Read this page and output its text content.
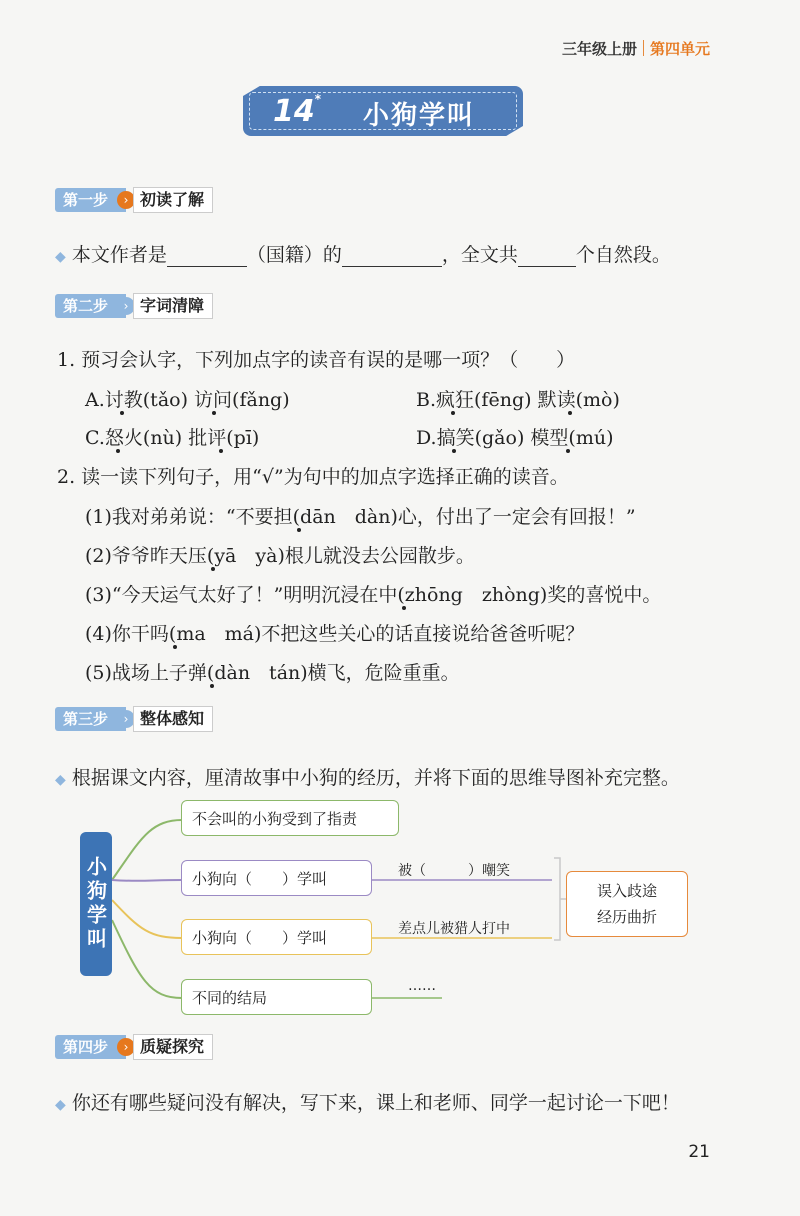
三年级上册 第四单元
14*
小狗学叫
第一步	› 初读了解
◆ 本文作者是	（国籍）的	，全文共	个自然段。
第二步	› 字词清障
1. 预习会认字，下列加点字的读音有误的是哪一项？（　　）
A.讨教(tǎo) 访问(fǎng)	B.疯狂(fēng) 默读(mò)
C.怒火(nù) 批评(pī)	D.搞笑(gǎo) 模型(mú)
2. 读一读下列句子，用“√”为句中的加点字选择正确的读音。
(1)我对弟弟说：“不要担(dān　dàn)心，付出了一定会有回报！”
(2)爷爷昨天压(yā　yà)根儿就没去公园散步。
(3)“今天运气太好了！”明明沉浸在中(zhōng　zhòng)奖的喜悦中。
(4)你干吗(ma　má)不把这些关心的话直接说给爸爸听呢？
(5)战场上子弹(dàn　tán)横飞，危险重重。
第三步	› 整体感知
◆ 根据课文内容，厘清故事中小狗的经历，并将下面的思维导图补充完整。
小狗学叫
不会叫的小狗受到了指责
小狗向（　　）学叫
小狗向（　　）学叫
不同的结局
被（　　　）嘲笑
差点儿被猎人打中
……
误入歧途
经历曲折
第四步	› 质疑探究
◆ 你还有哪些疑问没有解决，写下来，课上和老师、同学一起讨论一下吧！
21
